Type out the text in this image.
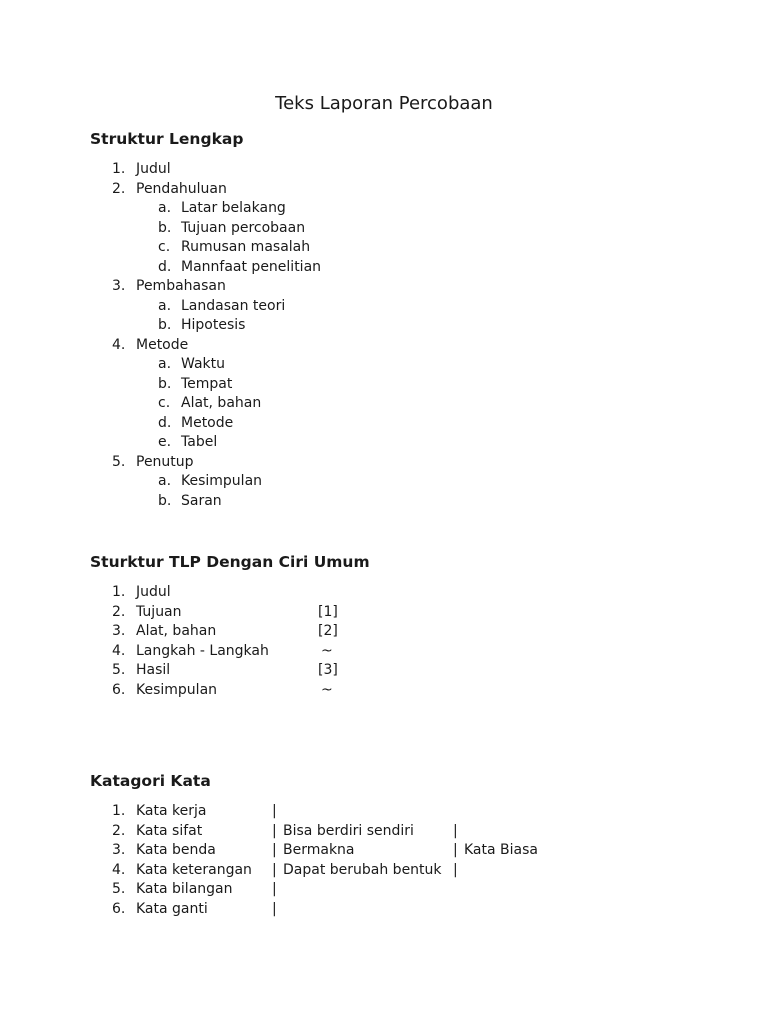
Teks Laporan Percobaan
Struktur Lengkap
1. Judul
2. Pendahuluan
a. Latar belakang
b. Tujuan percobaan
c. Rumusan masalah
d. Mannfaat penelitian
3. Pembahasan
a. Landasan teori
b. Hipotesis
4. Metode
a. Waktu
b. Tempat
c. Alat, bahan
d. Metode
e. Tabel
5. Penutup
a. Kesimpulan
b. Saran
Sturktur TLP Dengan Ciri Umum
1. Judul
2. Tujuan	[1]
3. Alat, bahan	[2]
4. Langkah - Langkah	~
5. Hasil	[3]
6. Kesimpulan	~
Katagori Kata
1. Kata kerja	|
2. Kata sifat	| Bisa berdiri sendiri	|
3. Kata benda	| Bermakna	| Kata Biasa
4. Kata keterangan | Dapat berubah bentuk |
5. Kata bilangan	|
6. Kata ganti	|
